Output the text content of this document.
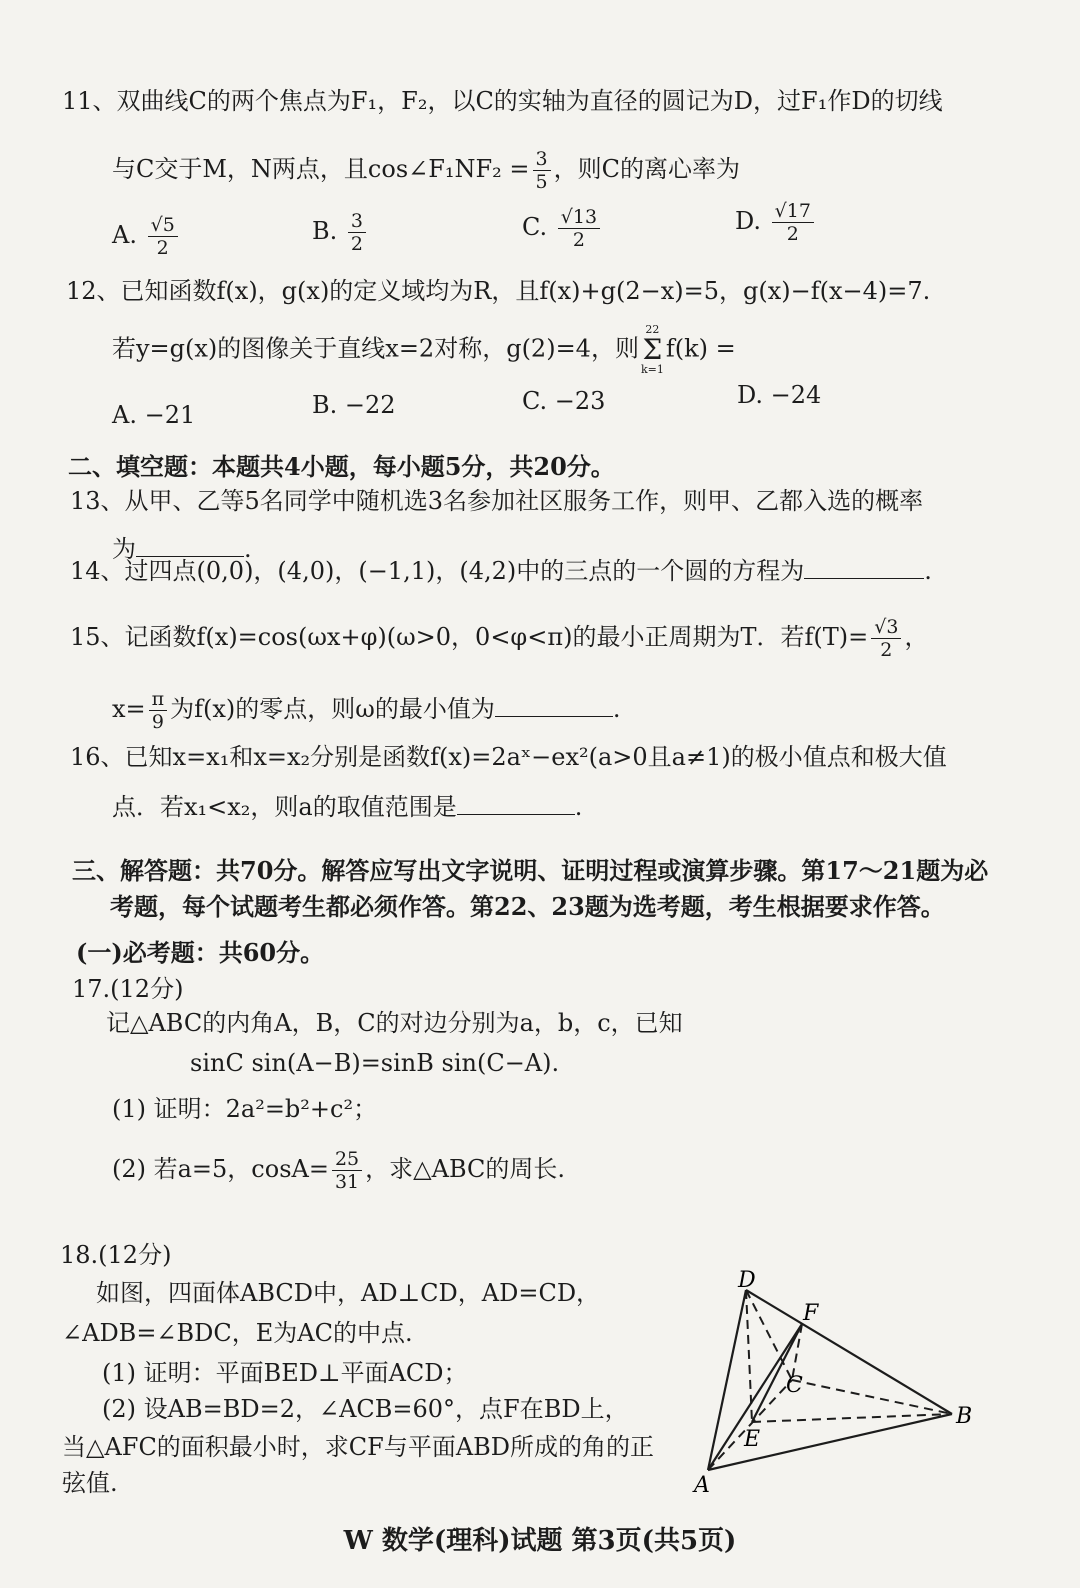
11、双曲线C的两个焦点为F₁，F₂，以C的实轴为直径的圆记为D，过F₁作D的切线
与C交于M，N两点，且cos∠F₁NF₂ = $\frac{3}{5}$ ，则C的离心率为
A. $\frac{√5}{2}$	B. $\frac{3}{2}$	C. $\frac{√13}{2}$	D. $\frac{√17}{2}$
12、已知函数f(x)，g(x)的定义域均为R，且f(x)+g(2−x)=5，g(x)−f(x−4)=7.
若y=g(x)的图像关于直线x=2对称，g(2)=4，则
22
Σ
k=1
f(k) =
A. −21	B. −22	C. −23	D. −24
二、填空题：本题共4小题，每小题5分，共20分。
13、从甲、乙等5名同学中随机选3名参加社区服务工作，则甲、乙都入选的概率
为	.
14、过四点(0,0)，(4,0)，(−1,1)，(4,2)中的三点的一个圆的方程为	.
15、记函数f(x)=cos(ωx+φ)(ω>0，0<φ<π)的最小正周期为T．若$f(T)= \frac{√3}{2}$ ，
$x= \frac{\pi}{9}$ 为f(x)的零点，则ω的最小值为	.
16、已知x=x₁和x=x₂分别是函数f(x)=2aˣ−ex²(a>0且a≠1)的极小值点和极大值
点．若x₁<x₂，则a的取值范围是	.
三、解答题：共70分。解答应写出文字说明、证明过程或演算步骤。第17～21题为必
考题，每个试题考生都必须作答。第22、23题为选考题，考生根据要求作答。
(一)必考题：共60分。
17.(12分)
记△ABC的内角A，B，C的对边分别为a，b，c，已知
sinC sin(A−B)=sinB sin(C−A).
(1) 证明：2a²=b²+c²；
(2) 若a=5，$\cos A= \frac{25}{31}$ ，求△ABC的周长.
18.(12分)
如图，四面体ABCD中，AD⊥CD，AD=CD，
∠ADB=∠BDC，E为AC的中点.
(1) 证明：平面BED⊥平面ACD；
(2) 设AB=BD=2，∠ACB=60°，点F在BD上，
当△AFC的面积最小时，求CF与平面ABD所成的角的正
弦值.
D
F
C
B
E
A
W 数学(理科)试题 第3页(共5页)
